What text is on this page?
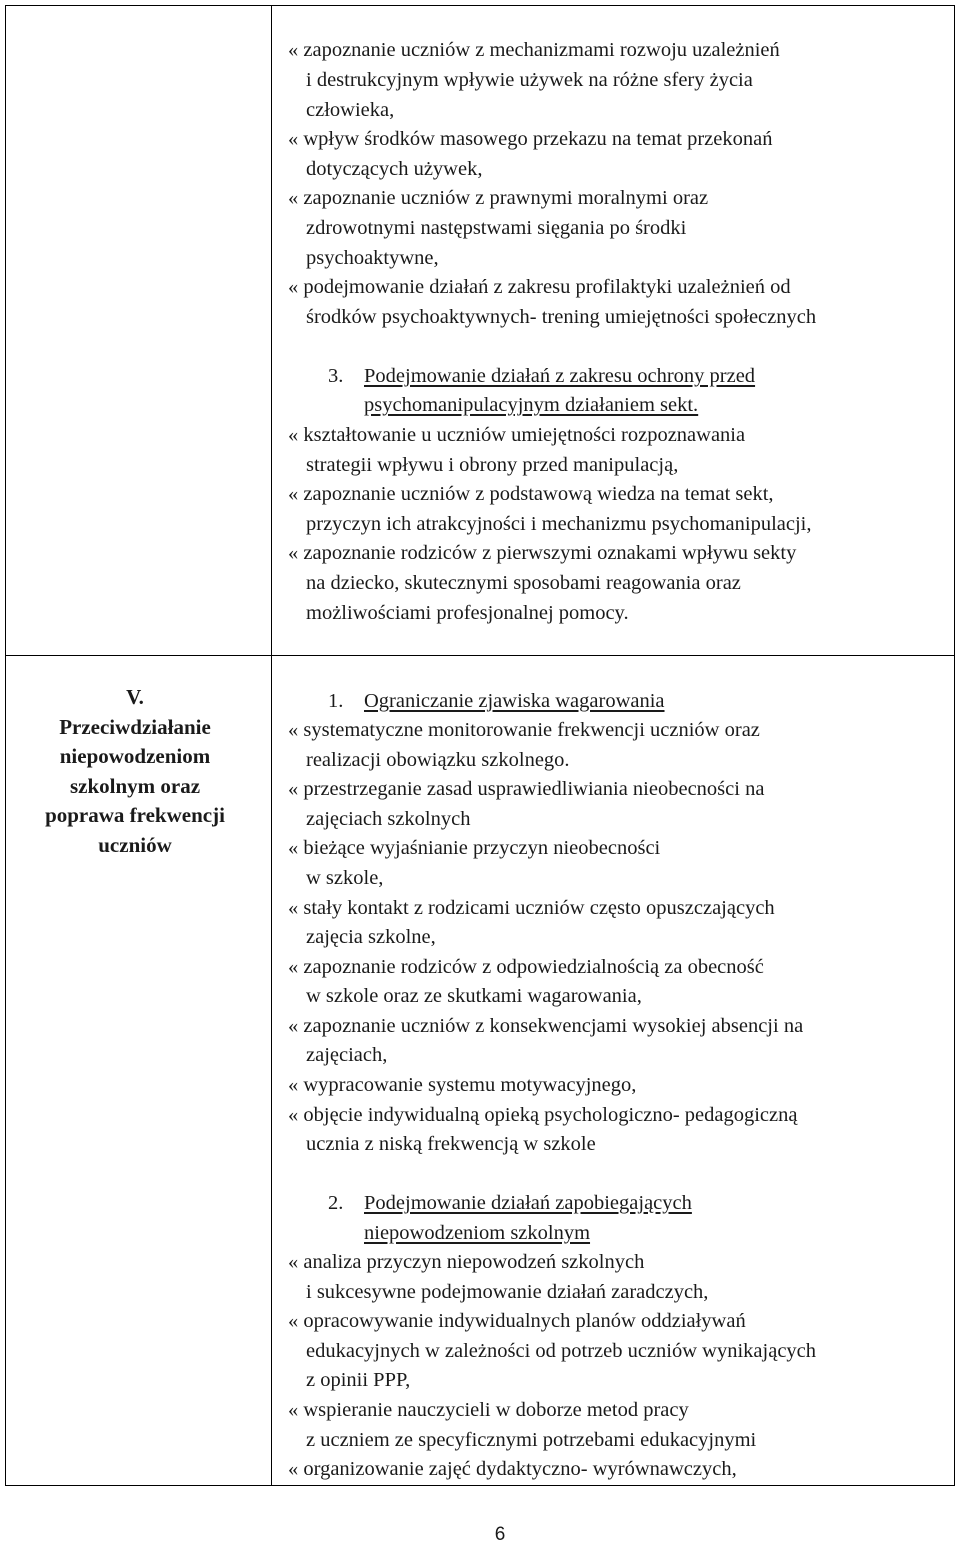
« zapoznanie uczniów z mechanizmami rozwoju uzależnień
i destrukcyjnym wpływie używek na różne sfery życia
człowieka,
« wpływ środków masowego przekazu na temat przekonań
dotyczących używek,
« zapoznanie uczniów z prawnymi moralnymi oraz
zdrowotnymi następstwami sięgania po środki
psychoaktywne,
« podejmowanie działań z zakresu profilaktyki uzależnień od
środków psychoaktywnych- trening umiejętności społecznych
3. Podejmowanie działań z zakresu ochrony przed
psychomanipulacyjnym działaniem sekt.
« kształtowanie u uczniów umiejętności rozpoznawania
strategii wpływu i obrony przed manipulacją,
« zapoznanie uczniów z podstawową wiedza na temat sekt,
przyczyn ich atrakcyjności i mechanizmu psychomanipulacji,
« zapoznanie rodziców z pierwszymi oznakami wpływu sekty
na dziecko, skutecznymi sposobami reagowania oraz
możliwościami profesjonalnej pomocy.
V.
Przeciwdziałanie
niepowodzeniom
szkolnym oraz
poprawa frekwencji
uczniów
1. Ograniczanie zjawiska wagarowania
« systematyczne monitorowanie frekwencji uczniów oraz
realizacji obowiązku szkolnego.
« przestrzeganie zasad usprawiedliwiania nieobecności na
zajęciach szkolnych
« bieżące wyjaśnianie przyczyn nieobecności
w szkole,
« stały kontakt z rodzicami uczniów często opuszczających
zajęcia szkolne,
« zapoznanie rodziców z odpowiedzialnością za obecność
w szkole oraz ze skutkami wagarowania,
« zapoznanie uczniów z konsekwencjami wysokiej absencji na
zajęciach,
« wypracowanie systemu motywacyjnego,
« objęcie indywidualną opieką psychologiczno- pedagogiczną
ucznia z niską frekwencją w szkole
2. Podejmowanie działań zapobiegających
niepowodzeniom szkolnym
« analiza przyczyn niepowodzeń szkolnych
i sukcesywne podejmowanie działań zaradczych,
« opracowywanie indywidualnych planów oddziaływań
edukacyjnych w zależności od potrzeb uczniów wynikających
z opinii PPP,
« wspieranie nauczycieli w doborze metod pracy
z uczniem ze specyficznymi potrzebami edukacyjnymi
« organizowanie zajęć dydaktyczno- wyrównawczych,
6
